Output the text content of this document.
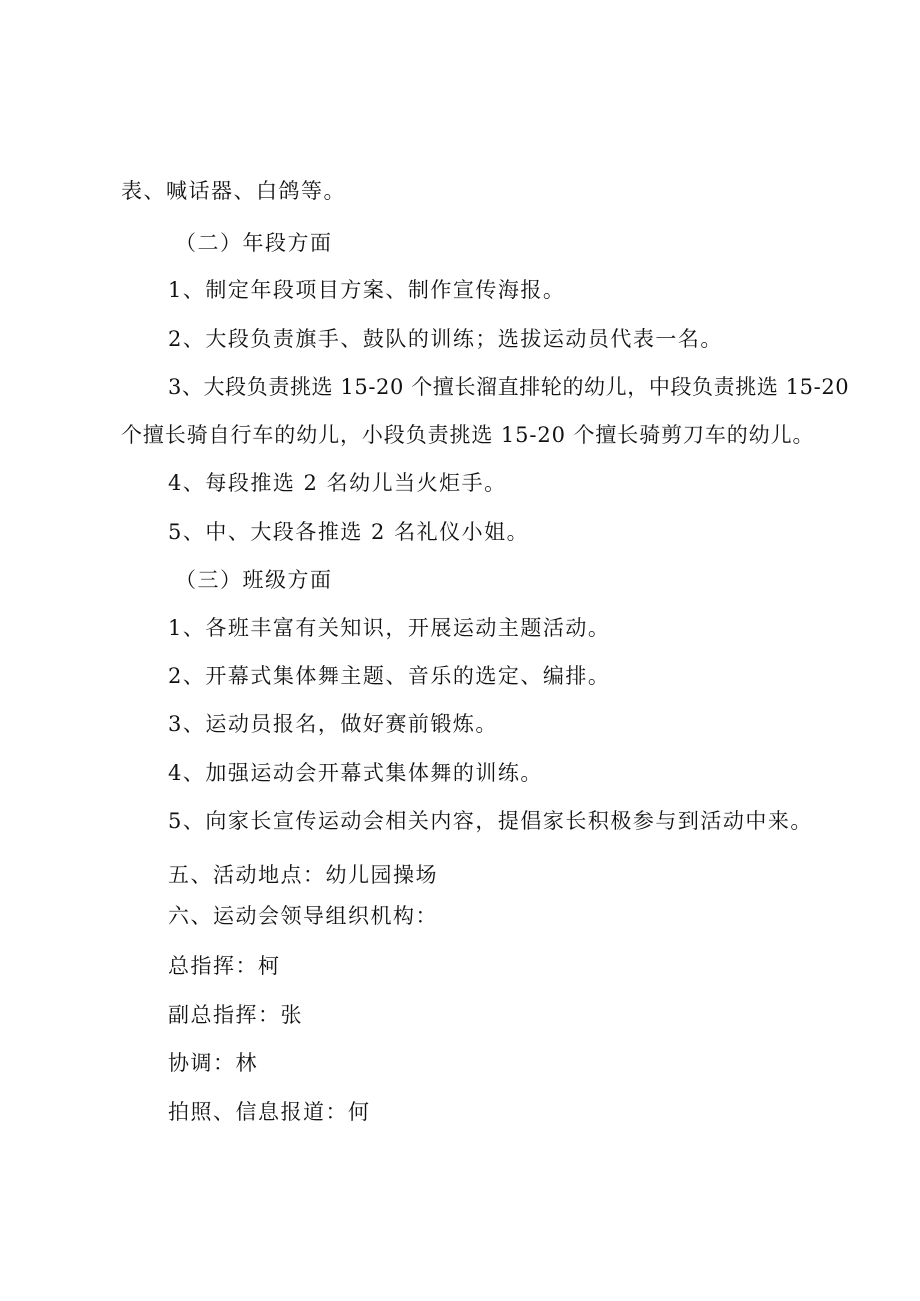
表、喊话器、白鸽等。
（二）年段方面
1、制定年段项目方案、制作宣传海报。
2、大段负责旗手、鼓队的训练；选拔运动员代表一名。
3、大段负责挑选 15-20 个擅长溜直排轮的幼儿，中段负责挑选 15-20
个擅长骑自行车的幼儿，小段负责挑选 15-20 个擅长骑剪刀车的幼儿。
4、每段推选 2 名幼儿当火炬手。
5、中、大段各推选 2 名礼仪小姐。
（三）班级方面
1、各班丰富有关知识，开展运动主题活动。
2、开幕式集体舞主题、音乐的选定、编排。
3、运动员报名，做好赛前锻炼。
4、加强运动会开幕式集体舞的训练。
5、向家长宣传运动会相关内容，提倡家长积极参与到活动中来。
五、活动地点：幼儿园操场
六、运动会领导组织机构：
总指挥：柯
副总指挥：张
协调：林
拍照、信息报道：何
